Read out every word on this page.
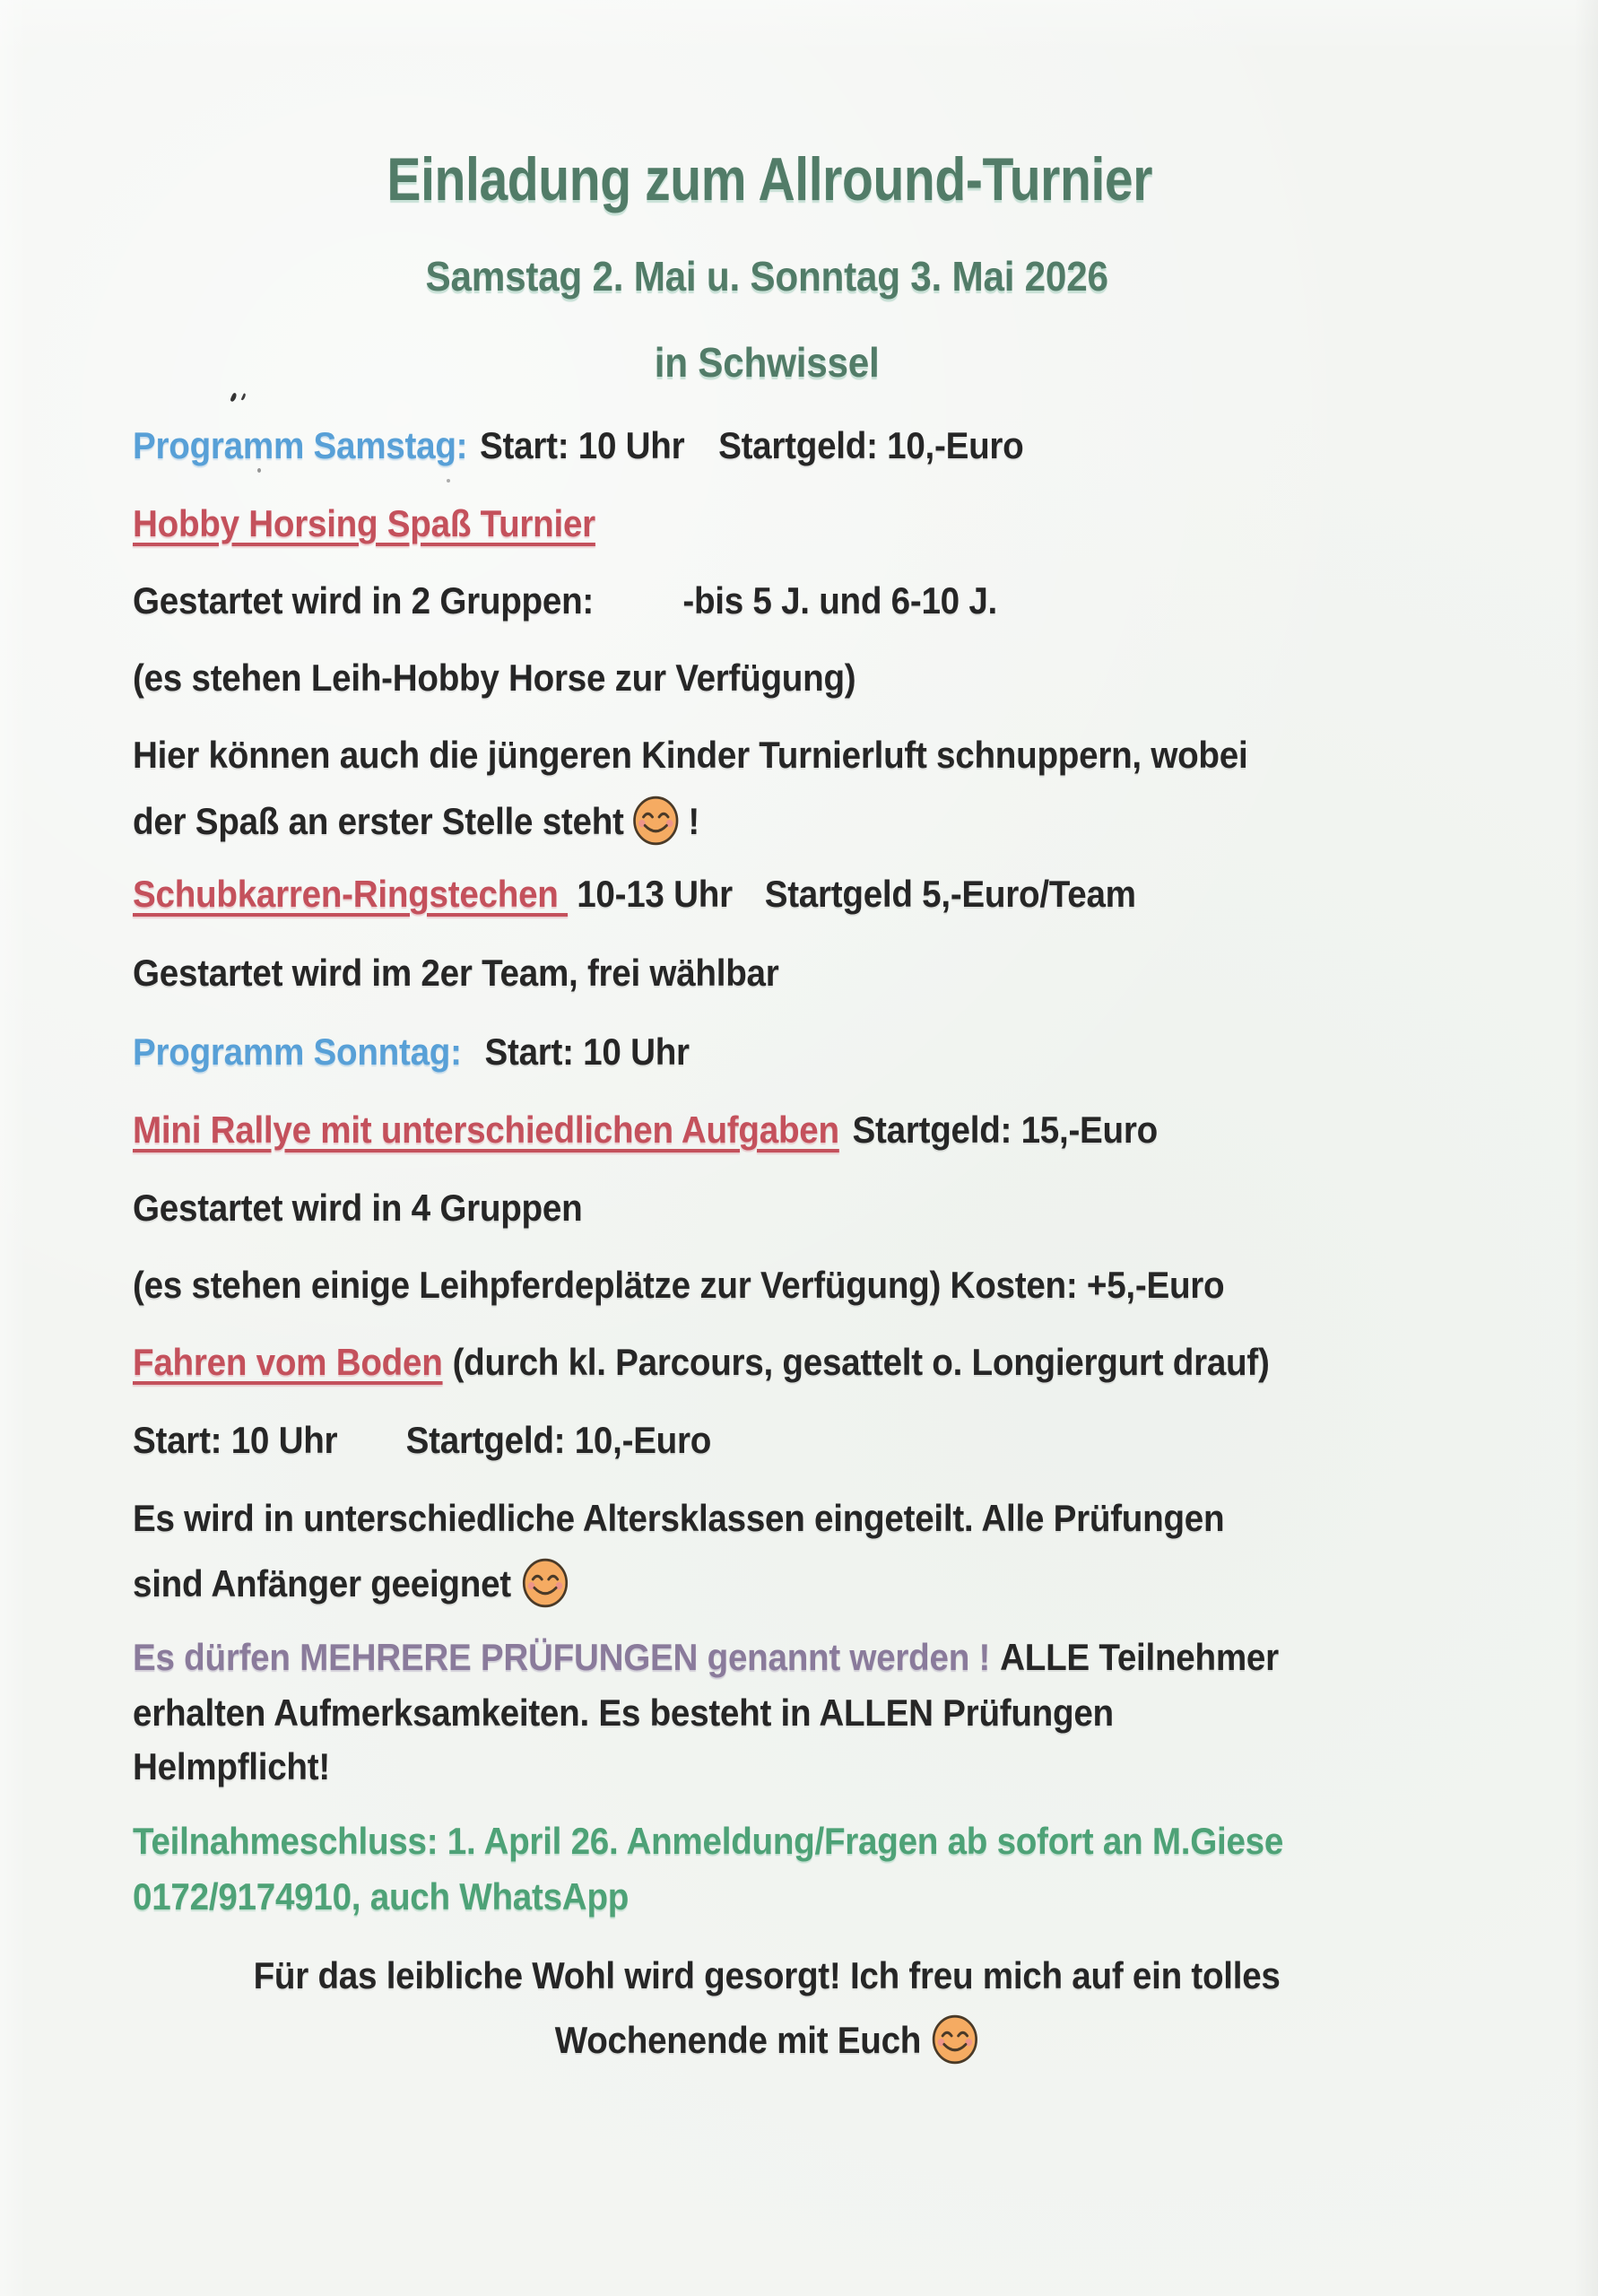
Einladung zum Allround-Turnier
Samstag 2. Mai u. Sonntag 3. Mai 2026
in Schwissel
Programm Samstag: Start: 10 Uhr Startgeld: 10,-Euro
Hobby Horsing Spaß Turnier
Gestartet wird in 2 Gruppen: -bis 5 J. und 6-10 J.
(es stehen Leih-Hobby Horse zur Verfügung)
Hier können auch die jüngeren Kinder Turnierluft schnuppern, wobei
der Spaß an erster Stelle steht !
Schubkarren-Ringstechen 10-13 Uhr Startgeld 5,-Euro/Team
Gestartet wird im 2er Team, frei wählbar
Programm Sonntag: Start: 10 Uhr
Mini Rallye mit unterschiedlichen Aufgaben Startgeld: 15,-Euro
Gestartet wird in 4 Gruppen
(es stehen einige Leihpferdeplätze zur Verfügung) Kosten: +5,-Euro
Fahren vom Boden (durch kl. Parcours, gesattelt o. Longiergurt drauf)
Start: 10 Uhr Startgeld: 10,-Euro
Es wird in unterschiedliche Altersklassen eingeteilt. Alle Prüfungen
sind Anfänger geeignet
Es dürfen MEHRERE PRÜFUNGEN genannt werden ! ALLE Teilnehmer
erhalten Aufmerksamkeiten. Es besteht in ALLEN Prüfungen
Helmpflicht!
Teilnahmeschluss: 1. April 26. Anmeldung/Fragen ab sofort an M.Giese
0172/9174910, auch WhatsApp
Für das leibliche Wohl wird gesorgt! Ich freu mich auf ein tolles
Wochenende mit Euch
